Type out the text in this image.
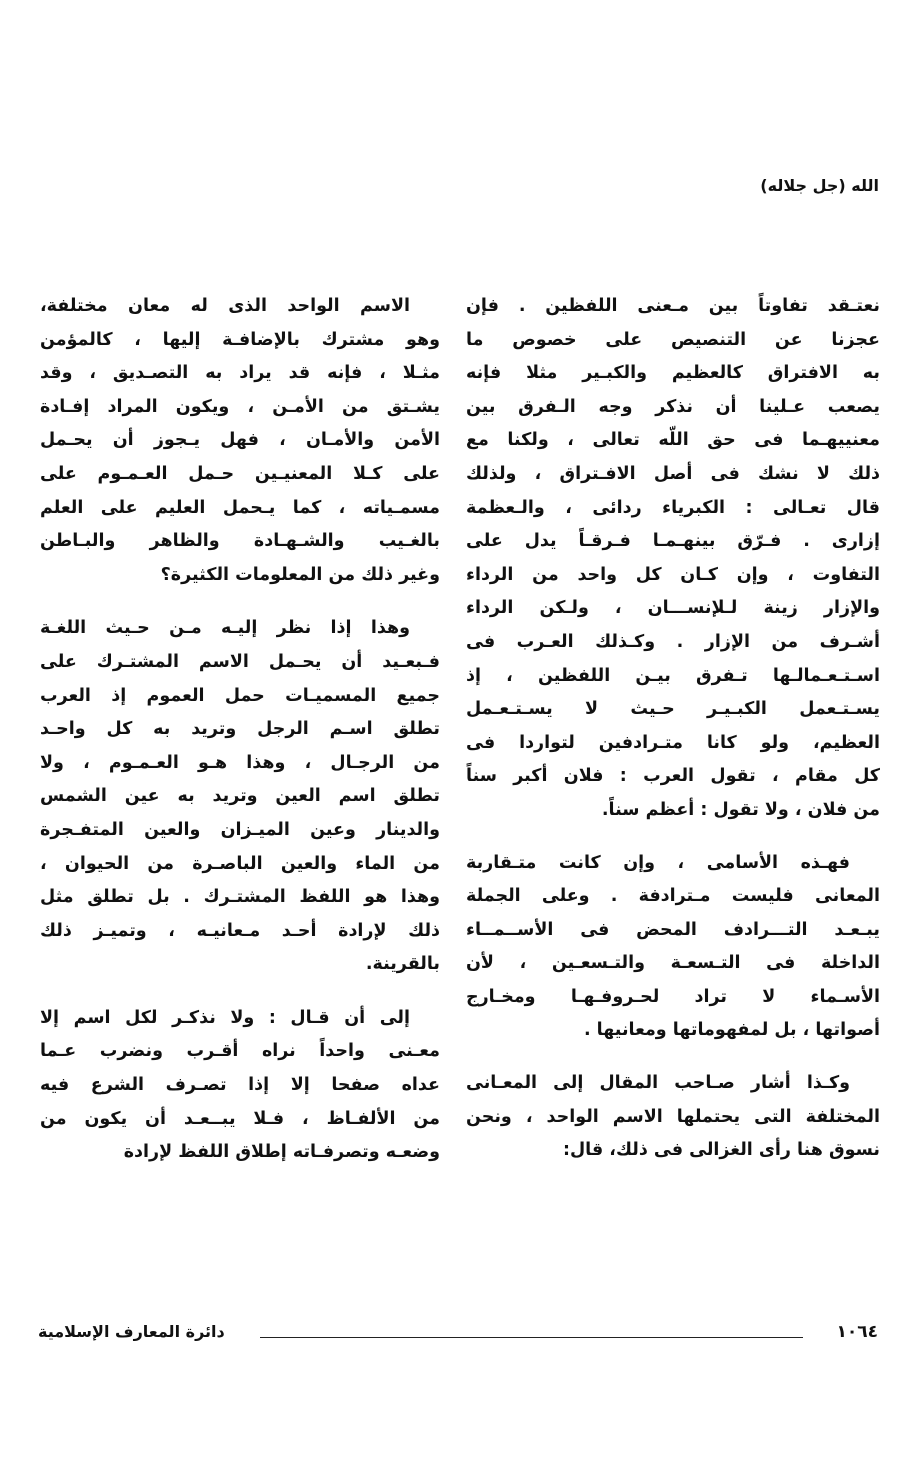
الله (جل جلاله)
نعتـقد تفاوتاً بين مـعنى اللفظين . فإن
عجزنا عن التنصيص على خصوص ما
به الافتراق كالعظيم والكبـير مثلا فإنه
يصعب عـلينا أن نذكر وجه الـفرق بين
معنييهـما فى حق اللّه تعالى ، ولكنا مع
ذلك لا نشك فى أصل الافـتراق ، ولذلك
قال تعـالى : الكبرياء ردائى ، والـعظمة
إزارى . فـرّق بينهـمـا فـرقـاً يدل على
التفاوت ، وإن كـان كل واحد من الرداء
والإزار زينة لـلإنســـان ، ولـكن الرداء
أشـرف من الإزار . وكـذلك العـرب فى
اسـتـعـمالـها تـفرق بيـن اللفظين ، إذ
يسـتـعمل الكبـيـر حـيث لا يسـتـعـمل
العظيم، ولو كانا متـرادفين لتواردا فى
كل مقام ، تقول العرب : فلان أكبر سناً
من فلان ، ولا تقول : أعظم سناً.
فهـذه الأسامى ، وإن كانت متـقاربة
المعانى فليست مـترادفة . وعلى الجملة
يبـعـد التـــرادف المحض فى الأســمــاء
الداخلة فى التـسعـة والتـسعـين ، لأن
الأسـماء لا تراد لحـروفـهـا ومخـارج
أصواتها ، بل لمفهوماتها ومعانيها .
وكـذا أشار صـاحب المقال إلى المعـانى
المختلفة التى يحتملها الاسم الواحد ، ونحن
نسوق هنا رأى الغزالى فى ذلك، قال:
الاسم الواحد الذى له معان مختلفة،
وهو مشترك بالإضافـة إليها ، كالمؤمن
مثـلا ، فإنه قد يراد به التصـديق ، وقد
يشـتق من الأمـن ، ويكون المراد إفـادة
الأمن والأمـان ، فهل يـجوز أن يحـمل
على كـلا المعنيـين حـمل العـمـوم على
مسمـياته ، كما يـحمل العليم على العلم
بالغـيب والشـهـادة والظاهر والبـاطن
وغير ذلك من المعلومات الكثيرة؟
وهذا إذا نظر إليـه مـن حـيث اللغـة
فـبعـيد أن يحـمل الاسم المشتـرك على
جميع المسميـات حمل العموم إذ العرب
تطلق اسـم الرجل وتريد به كل واحـد
من الرجـال ، وهذا هـو العـمـوم ، ولا
تطلق اسم العين وتريد به عين الشمس
والدينار وعين الميـزان والعين المتفـجرة
من الماء والعين الباصـرة من الحيوان ،
وهذا هو اللفظ المشتـرك . بل تطلق مثل
ذلك لإرادة أحـد مـعانيـه ، وتميـز ذلك
بالقرينة.
إلى أن قـال : ولا نذكـر لكل اسم إلا
معـنى واحداً نراه أقـرب ونضرب عـما
عداه صفحا إلا إذا تصـرف الشرع فيه
من الألفـاظ ، فـلا يبــعـد أن يكون من
وضعـه وتصرفـاته إطلاق اللفظ لإرادة
١٠٦٤
دائرة المعارف الإسلامية
